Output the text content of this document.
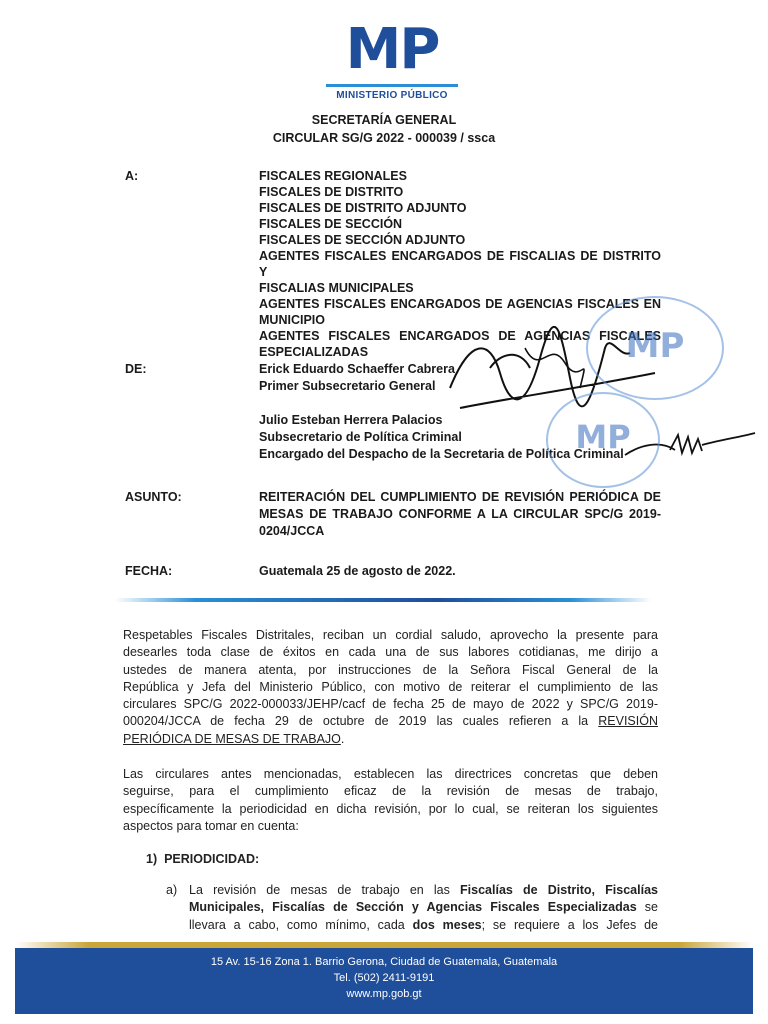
MP
MINISTERIO PÚBLICO
SECRETARÍA GENERAL
CIRCULAR SG/G 2022 - 000039 / ssca
A:	FISCALES REGIONALES
FISCALES DE DISTRITO
FISCALES DE DISTRITO ADJUNTO
FISCALES DE SECCIÓN
FISCALES DE SECCIÓN ADJUNTO
AGENTES FISCALES ENCARGADOS DE FISCALIAS DE DISTRITO Y
FISCALIAS MUNICIPALES
AGENTES FISCALES ENCARGADOS DE AGENCIAS FISCALES EN
MUNICIPIO
AGENTES FISCALES ENCARGADOS DE AGENCIAS FISCALES
ESPECIALIZADAS
DE:	Erick Eduardo Schaeffer Cabrera
Primer Subsecretario General
Julio Esteban Herrera Palacios
Subsecretario de Política Criminal
Encargado del Despacho de la Secretaria de Política Criminal
MP
MP
ASUNTO:	REITERACIÓN DEL CUMPLIMIENTO DE REVISIÓN PERIÓDICA DE
MESAS DE TRABAJO CONFORME A LA CIRCULAR SPC/G 2019-
0204/JCCA
FECHA:	Guatemala 25 de agosto de 2022.
Respetables Fiscales Distritales, reciban un cordial saludo, aprovecho la presente para
desearles toda clase de éxitos en cada una de sus labores cotidianas, me dirijo a
ustedes de manera atenta, por instrucciones de la Señora Fiscal General de la
República y Jefa del Ministerio Público, con motivo de reiterar el cumplimiento de las
circulares SPC/G 2022-000033/JEHP/cacf de fecha 25 de mayo de 2022 y SPC/G 2019-
000204/JCCA de fecha 29 de octubre de 2019 las cuales refieren a la REVISIÓN
PERIÓDICA DE MESAS DE TRABAJO.
Las circulares antes mencionadas, establecen las directrices concretas que deben
seguirse, para el cumplimiento eficaz de la revisión de mesas de trabajo,
específicamente la periodicidad en dicha revisión, por lo cual, se reiteran los siguientes
aspectos para tomar en cuenta:
1) PERIODICIDAD:
a) La revisión de mesas de trabajo en las Fiscalías de Distrito, Fiscalías
Municipales, Fiscalías de Sección y Agencias Fiscales Especializadas se
llevara a cabo, como mínimo, cada dos meses; se requiere a los Jefes de
15 Av. 15-16 Zona 1. Barrio Gerona, Ciudad de Guatemala, Guatemala
Tel. (502) 2411-9191
www.mp.gob.gt
